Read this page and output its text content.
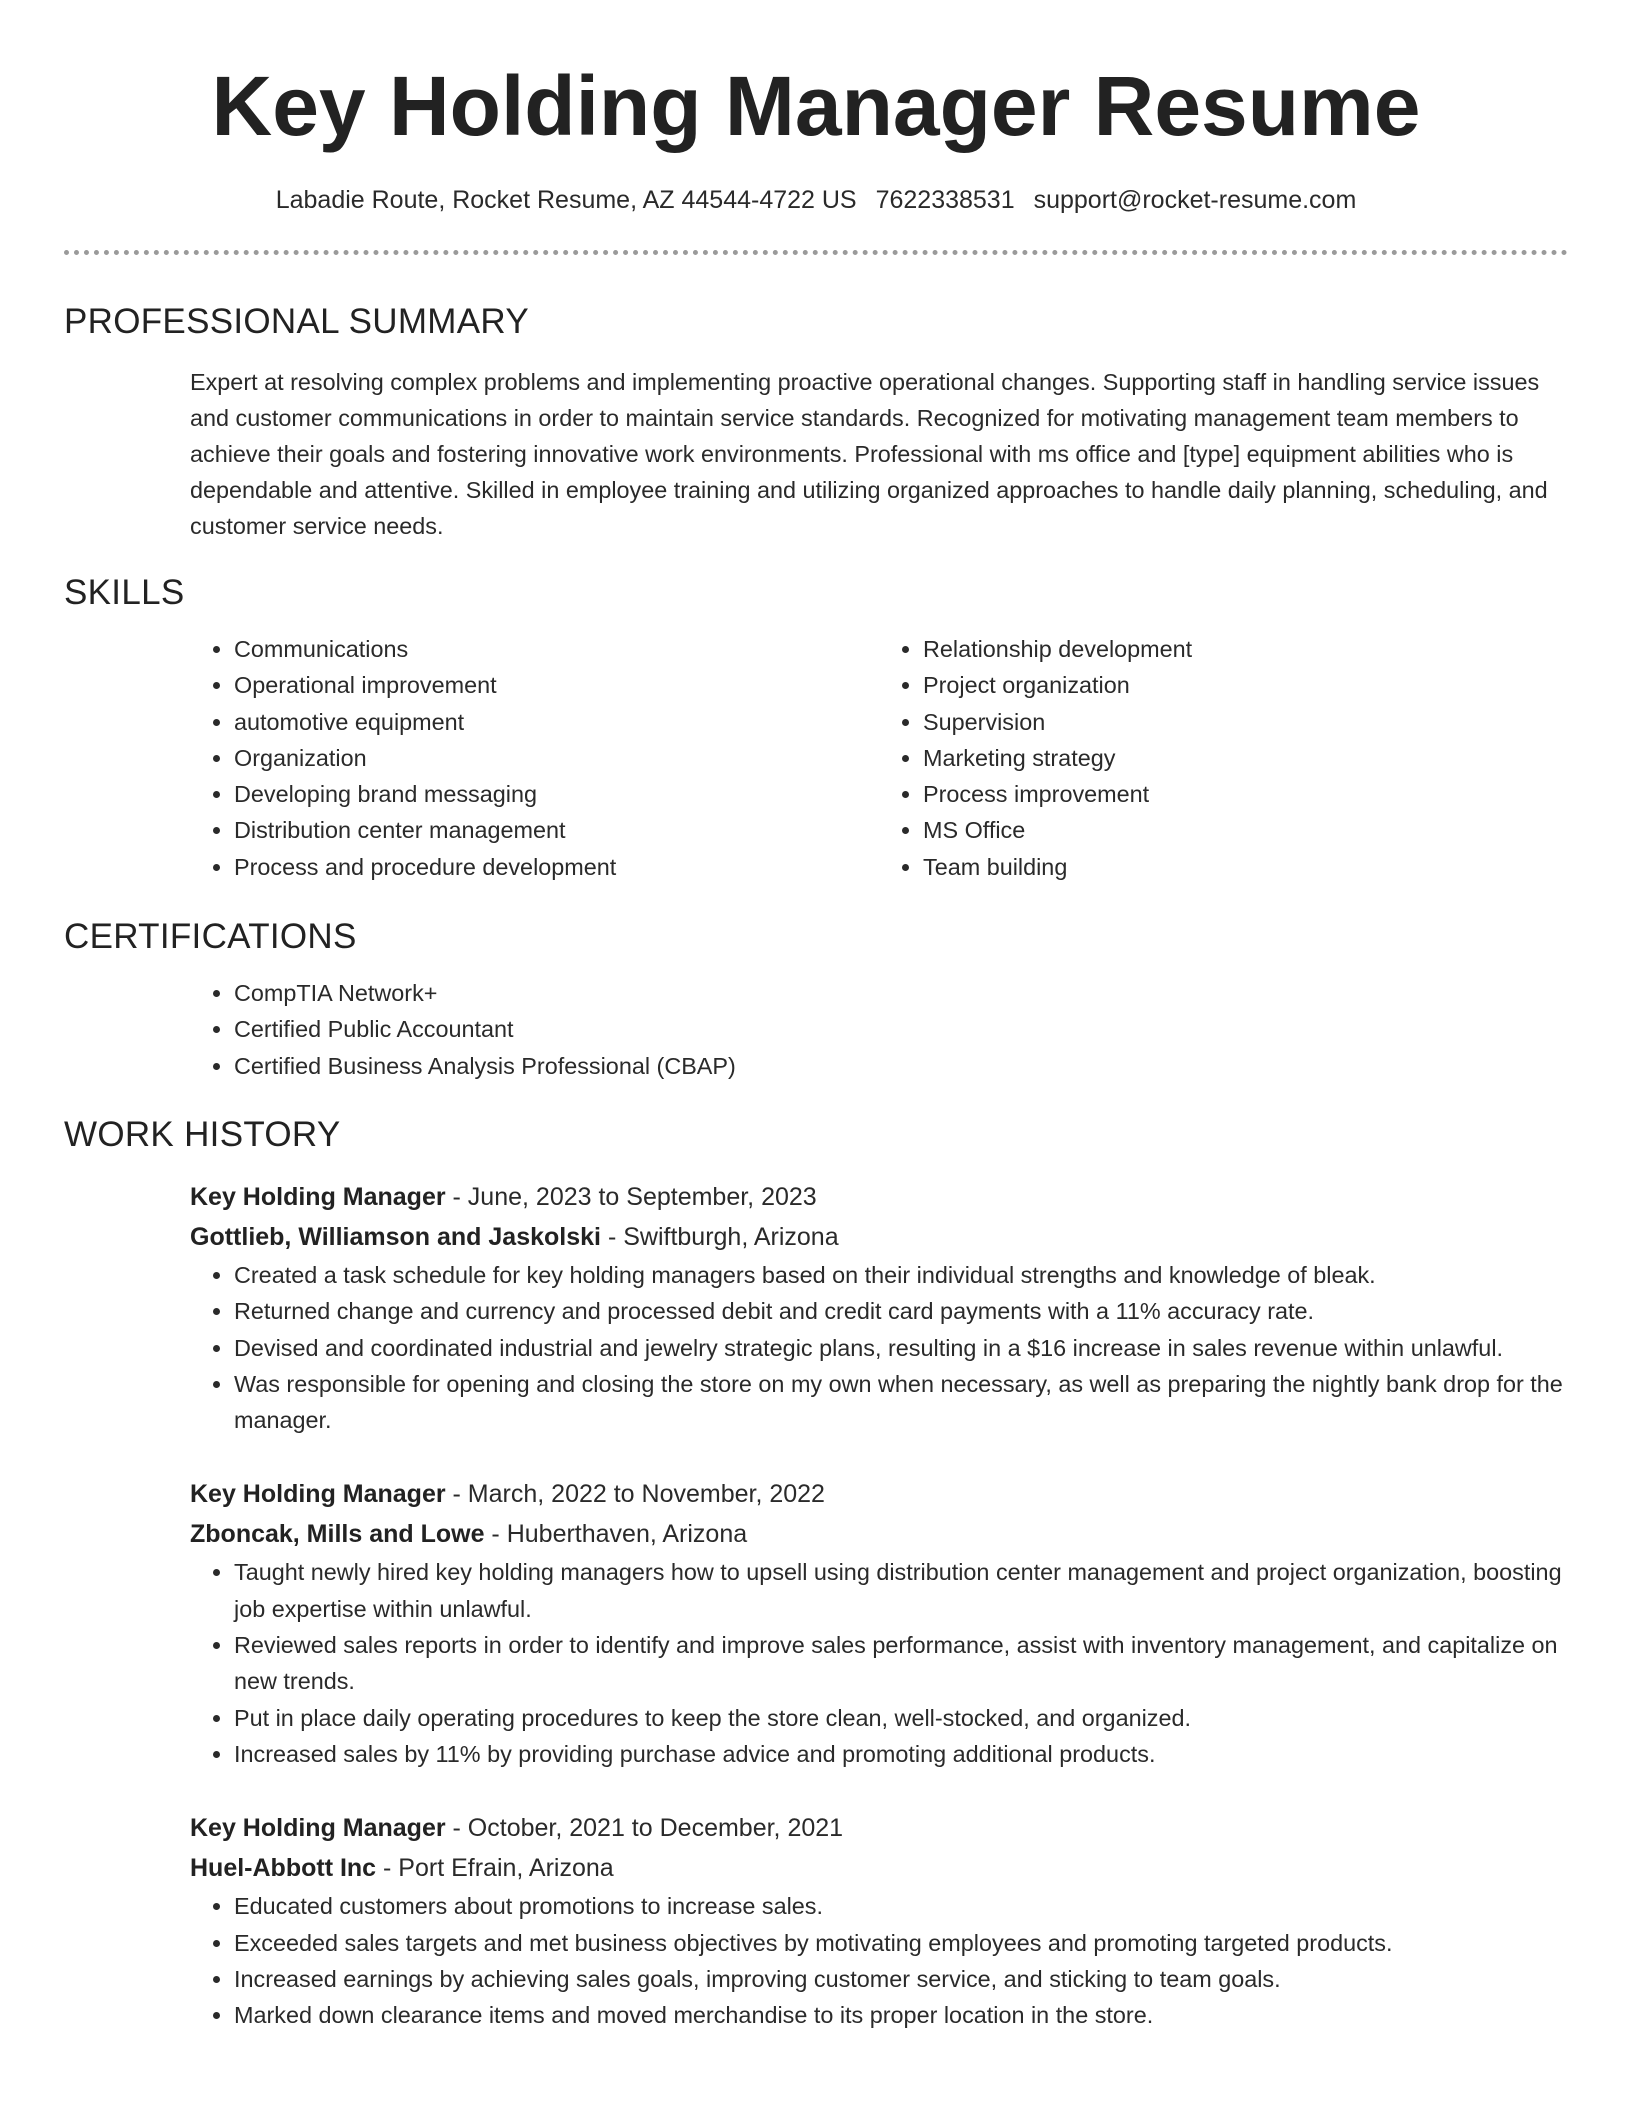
Key Holding Manager Resume
Labadie Route, Rocket Resume, AZ 44544-4722 US 7622338531 support@rocket-resume.com
PROFESSIONAL SUMMARY
Expert at resolving complex problems and implementing proactive operational changes. Supporting staff in handling service issues and customer communications in order to maintain service standards. Recognized for motivating management team members to achieve their goals and fostering innovative work environments. Professional with ms office and [type] equipment abilities who is dependable and attentive. Skilled in employee training and utilizing organized approaches to handle daily planning, scheduling, and customer service needs.
SKILLS
• Communications
• Operational improvement
• automotive equipment
• Organization
• Developing brand messaging
• Distribution center management
• Process and procedure development
• Relationship development
• Project organization
• Supervision
• Marketing strategy
• Process improvement
• MS Office
• Team building
CERTIFICATIONS
• CompTIA Network+
• Certified Public Accountant
• Certified Business Analysis Professional (CBAP)
WORK HISTORY
Key Holding Manager - June, 2023 to September, 2023
Gottlieb, Williamson and Jaskolski - Swiftburgh, Arizona
• Created a task schedule for key holding managers based on their individual strengths and knowledge of bleak.
• Returned change and currency and processed debit and credit card payments with a 11% accuracy rate.
• Devised and coordinated industrial and jewelry strategic plans, resulting in a $16 increase in sales revenue within unlawful.
• Was responsible for opening and closing the store on my own when necessary, as well as preparing the nightly bank drop for the manager.
Key Holding Manager - March, 2022 to November, 2022
Zboncak, Mills and Lowe - Huberthaven, Arizona
• Taught newly hired key holding managers how to upsell using distribution center management and project organization, boosting job expertise within unlawful.
• Reviewed sales reports in order to identify and improve sales performance, assist with inventory management, and capitalize on new trends.
• Put in place daily operating procedures to keep the store clean, well-stocked, and organized.
• Increased sales by 11% by providing purchase advice and promoting additional products.
Key Holding Manager - October, 2021 to December, 2021
Huel-Abbott Inc - Port Efrain, Arizona
• Educated customers about promotions to increase sales.
• Exceeded sales targets and met business objectives by motivating employees and promoting targeted products.
• Increased earnings by achieving sales goals, improving customer service, and sticking to team goals.
• Marked down clearance items and moved merchandise to its proper location in the store.
